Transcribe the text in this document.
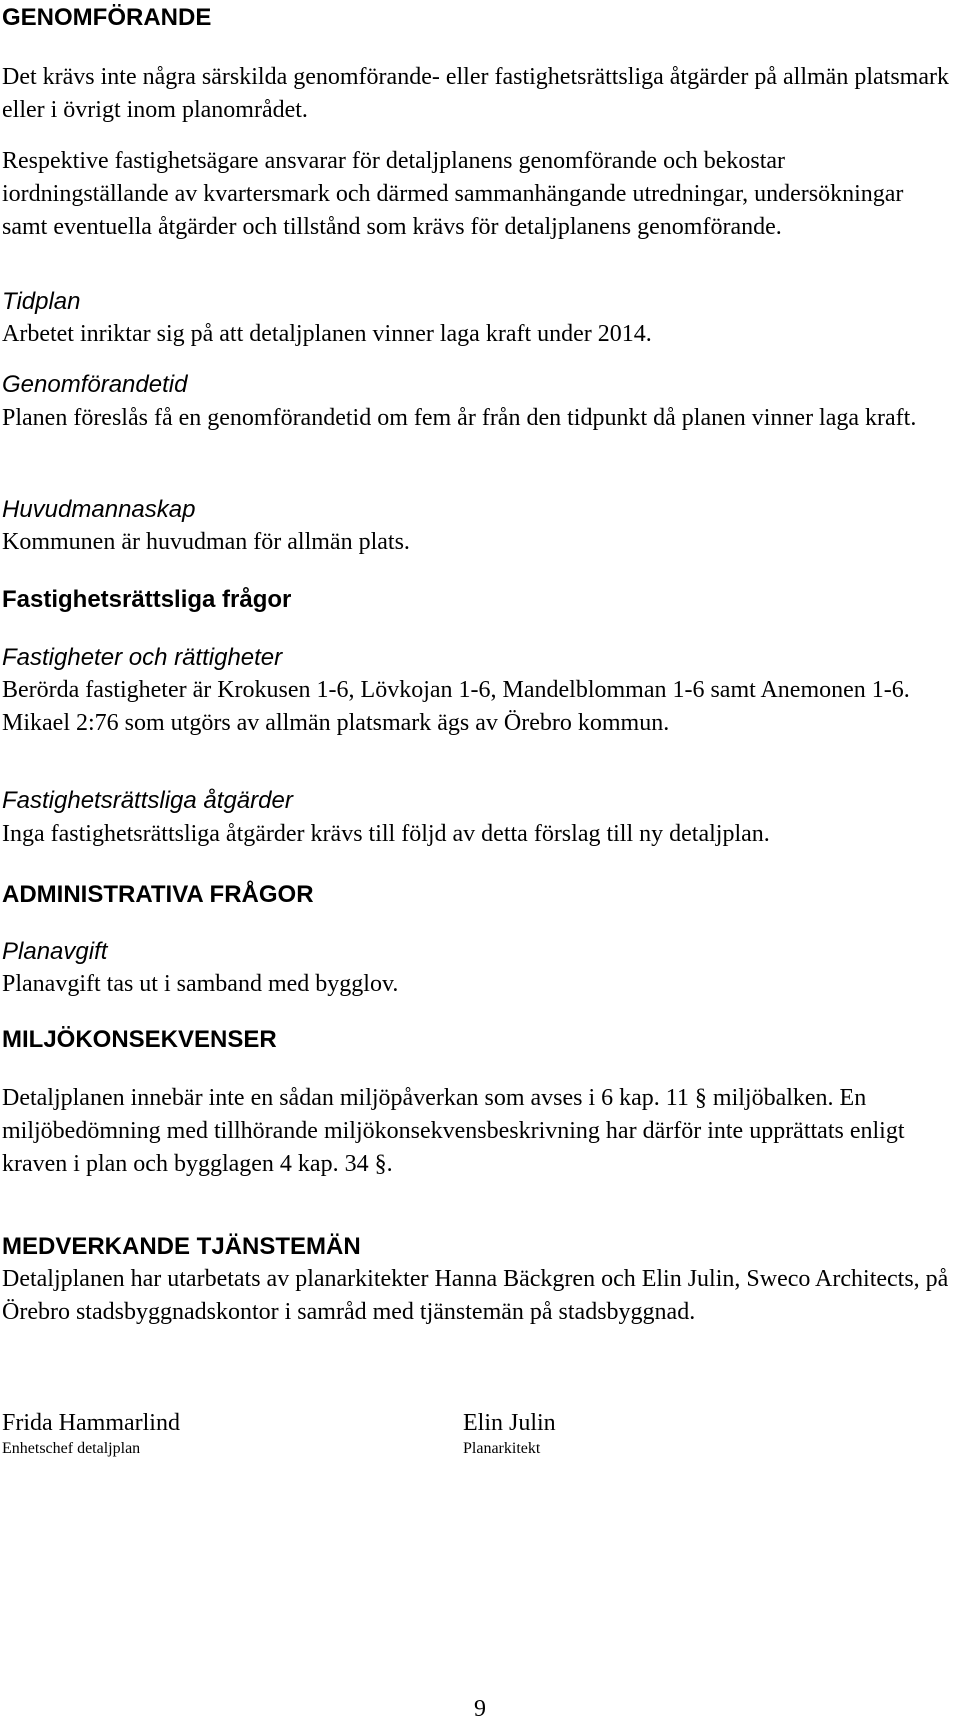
GENOMFÖRANDE
Det krävs inte några särskilda genomförande- eller fastighetsrättsliga åtgärder på allmän platsmark eller i övrigt inom planområdet.
Respektive fastighetsägare ansvarar för detaljplanens genomförande och bekostar iordningställande av kvartersmark och därmed sammanhängande utredningar, undersökningar samt eventuella åtgärder och tillstånd som krävs för detaljplanens genomförande.
Tidplan
Arbetet inriktar sig på att detaljplanen vinner laga kraft under 2014.
Genomförandetid
Planen föreslås få en genomförandetid om fem år från den tidpunkt då planen vinner laga kraft.
Huvudmannaskap
Kommunen är huvudman för allmän plats.
Fastighetsrättsliga frågor
Fastigheter och rättigheter
Berörda fastigheter är Krokusen 1-6, Lövkojan 1-6, Mandelblomman 1-6 samt Anemonen 1-6. Mikael 2:76 som utgörs av allmän platsmark ägs av Örebro kommun.
Fastighetsrättsliga åtgärder
Inga fastighetsrättsliga åtgärder krävs till följd av detta förslag till ny detaljplan.
ADMINISTRATIVA FRÅGOR
Planavgift
Planavgift tas ut i samband med bygglov.
MILJÖKONSEKVENSER
Detaljplanen innebär inte en sådan miljöpåverkan som avses i 6 kap. 11 § miljöbalken. En miljöbedömning med tillhörande miljökonsekvensbeskrivning har därför inte upprättats enligt kraven i plan och bygglagen 4 kap. 34 §.
MEDVERKANDE TJÄNSTEMÄN
Detaljplanen har utarbetats av planarkitekter Hanna Bäckgren och Elin Julin, Sweco Architects, på Örebro stadsbyggnadskontor i samråd med tjänstemän på stadsbyggnad.
Frida Hammarlind
Enhetschef detaljplan
Elin Julin
Planarkitekt
9
